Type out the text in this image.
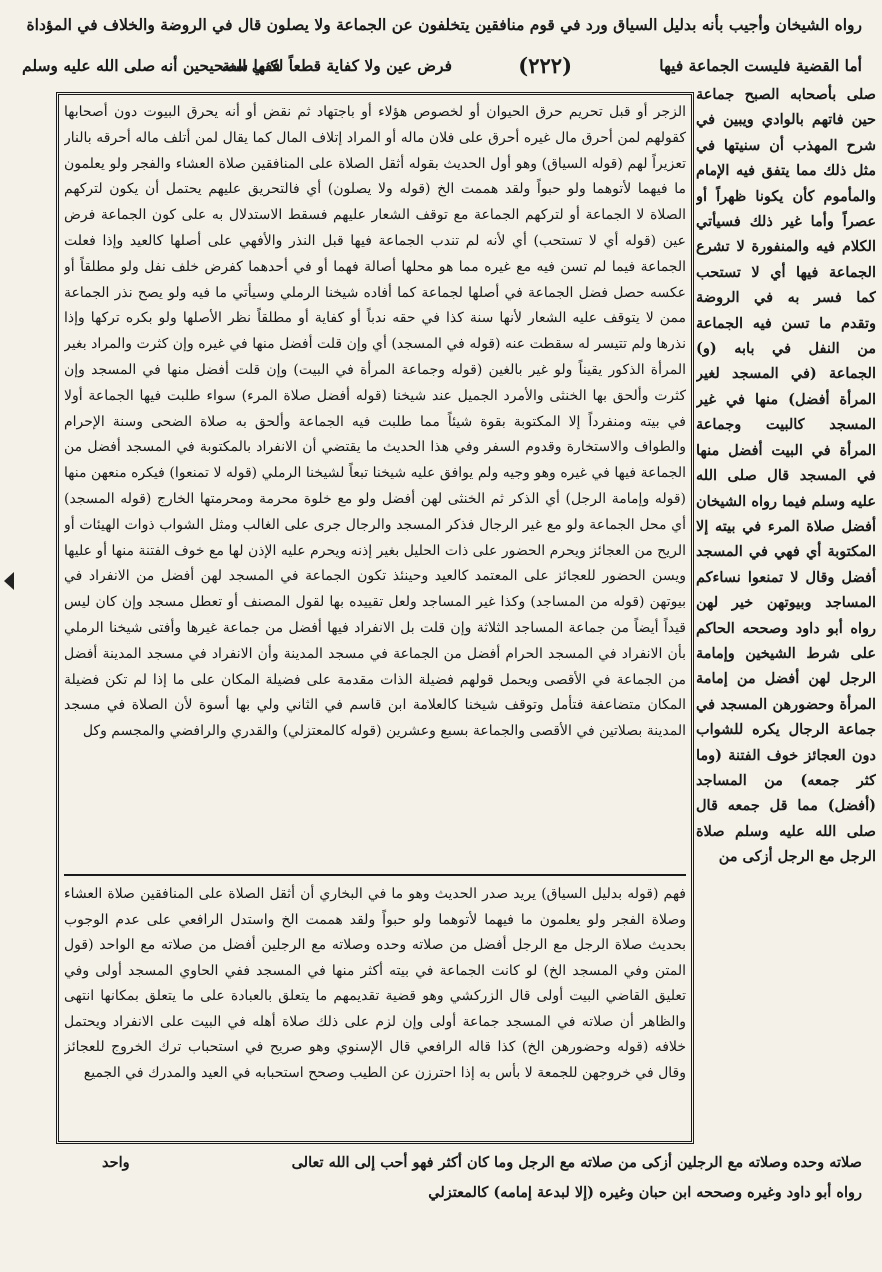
رواه الشيخان وأجيب بأنه بدليل السياق ورد في قوم منافقين يتخلفون عن الجماعة ولا يصلون قال في الروضة والخلاف في المؤداة
أما القضية فليست الجماعة فيها
(٢٢٢)
فرض عين ولا كفاية قطعاً لكنها سنة
ففي الصحيحين أنه صلى الله عليه وسلم
صلى بأصحابه الصبح جماعة حين فاتهم بالوادي ويبين في شرح المهذب أن سنيتها في مثل ذلك مما يتفق فيه الإمام والمأموم كأن يكونا ظهراً أو عصراً وأما غير ذلك فسيأتي الكلام فيه والمنفورة لا تشرع الجماعة فيها أي لا تستحب كما فسر به في الروضة وتقدم ما تسن فيه الجماعة من النفل في بابه (و) الجماعة (في المسجد لغير المرأة أفضل) منها في غير المسجد كالبيت وجماعة المرأة في البيت أفضل منها في المسجد قال صلى الله عليه وسلم فيما رواه الشيخان أفضل صلاة المرء في بيته إلا المكتوبة أي فهي في المسجد أفضل وقال لا تمنعوا نساءكم المساجد وبيوتهن خير لهن رواه أبو داود وصححه الحاكم على شرط الشيخين وإمامة الرجل لهن أفضل من إمامة المرأة وحضورهن المسجد في جماعة الرجال يكره للشواب دون العجائز خوف الفتنة (وما كثر جمعه) من المساجد (أفضل) مما قل جمعه قال صلى الله عليه وسلم صلاة الرجل مع الرجل أزكى من
الزجر أو قبل تحريم حرق الحيوان أو لخصوص هؤلاء أو باجتهاد ثم نقض أو أنه يحرق البيوت دون أصحابها كقولهم لمن أحرق مال غيره أحرق على فلان ماله أو المراد إتلاف المال كما يقال لمن أتلف ماله أحرقه بالنار تعزيراً لهم (قوله السياق) وهو أول الحديث بقوله أثقل الصلاة على المنافقين صلاة العشاء والفجر ولو يعلمون ما فيهما لأتوهما ولو حبواً ولقد هممت الخ (قوله ولا يصلون) أي فالتحريق عليهم يحتمل أن يكون لتركهم الصلاة لا الجماعة أو لتركهم الجماعة مع توقف الشعار عليهم فسقط الاستدلال به على كون الجماعة فرض عين (قوله أي لا تستحب) أي لأنه لم تندب الجماعة فيها قبل النذر والأفهي على أصلها كالعيد وإذا فعلت الجماعة فيما لم تسن فيه مع غيره مما هو محلها أصالة فهما أو في أحدهما كفرض خلف نفل ولو مطلقاً أو عكسه حصل فضل الجماعة في أصلها لجماعة كما أفاده شيخنا الرملي وسيأتي ما فيه ولو يصح نذر الجماعة ممن لا يتوقف عليه الشعار لأنها سنة كذا في حقه ندباً أو كفاية أو مطلقاً نظر الأصلها ولو بكره تركها وإذا نذرها ولم تتيسر له سقطت عنه (قوله في المسجد) أي وإن قلت أفضل منها في غيره وإن كثرت والمراد بغير المرأة الذكور يقيناً ولو غير بالغين (قوله وجماعة المرأة في البيت) وإن قلت أفضل منها في المسجد وإن كثرت وألحق بها الخنثى والأمرد الجميل عند شيخنا (قوله أفضل صلاة المرء) سواء طلبت فيها الجماعة أولا في بيته ومنفرداً إلا المكتوبة بقوة شيئاً مما طلبت فيه الجماعة وألحق به صلاة الضحى وسنة الإحرام والطواف والاستخارة وقدوم السفر وفي هذا الحديث ما يقتضي أن الانفراد بالمكتوبة في المسجد أفضل من الجماعة فيها في غيره وهو وجيه ولم يوافق عليه شيخنا تبعاً لشيخنا الرملي (قوله لا تمنعوا) فيكره منعهن منها (قوله وإمامة الرجل) أي الذكر ثم الخنثى لهن أفضل ولو مع خلوة محرمة ومحرمتها الخارج (قوله المسجد) أي محل الجماعة ولو مع غير الرجال فذكر المسجد والرجال جرى على الغالب ومثل الشواب ذوات الهيئات أو الريح من العجائز ويحرم الحضور على ذات الحليل بغير إذنه ويحرم عليه الإذن لها مع خوف الفتنة منها أو عليها ويسن الحضور للعجائز على المعتمد كالعيد وحينئذ تكون الجماعة في المسجد لهن أفضل من الانفراد في بيوتهن (قوله من المساجد) وكذا غير المساجد ولعل تقييده بها لقول المصنف أو تعطل مسجد وإن كان ليس قيداً أيضاً من جماعة المساجد الثلاثة وإن قلت بل الانفراد فيها أفضل من جماعة غيرها وأفتى شيخنا الرملي بأن الانفراد في المسجد الحرام أفضل من الجماعة في مسجد المدينة وأن الانفراد في مسجد المدينة أفضل من الجماعة في الأقصى ويحمل قولهم فضيلة الذات مقدمة على فضيلة المكان على ما إذا لم تكن فضيلة المكان متضاعفة فتأمل وتوقف شيخنا كالعلامة ابن قاسم في الثاني ولي بها أسوة لأن الصلاة في مسجد المدينة بصلاتين في الأقصى والجماعة بسبع وعشرين (قوله كالمعتزلي) والقدري والرافضي والمجسم وكل
فهم (قوله بدليل السياق) يريد صدر الحديث وهو ما في البخاري أن أثقل الصلاة على المنافقين صلاة العشاء وصلاة الفجر ولو يعلمون ما فيهما لأتوهما ولو حبواً ولقد هممت الخ واستدل الرافعي على عدم الوجوب بحديث صلاة الرجل مع الرجل أفضل من صلاته وحده وصلاته مع الرجلين أفضل من صلاته مع الواحد (قول المتن وفي المسجد الخ) لو كانت الجماعة في بيته أكثر منها في المسجد ففي الحاوي المسجد أولى وفي تعليق القاضي البيت أولى قال الزركشي وهو قضية تقديمهم ما يتعلق بالعبادة على ما يتعلق بمكانها انتهى والظاهر أن صلاته في المسجد جماعة أولى وإن لزم على ذلك صلاة أهله في البيت على الانفراد ويحتمل خلافه (قوله وحضورهن الخ) كذا قاله الرافعي قال الإسنوي وهو صريح في استحباب ترك الخروج للعجائز وقال في خروجهن للجمعة لا بأس به إذا احترزن عن الطيب وصحح استحبابه في العيد والمدرك في الجميع
صلاته وحده وصلاته مع الرجلين أزكى من صلاته مع الرجل وما كان أكثر فهو أحب إلى الله تعالى
واحد
رواه أبو داود وغيره وصححه ابن حبان وغيره (إلا لبدعة إمامه) كالمعتزلي
